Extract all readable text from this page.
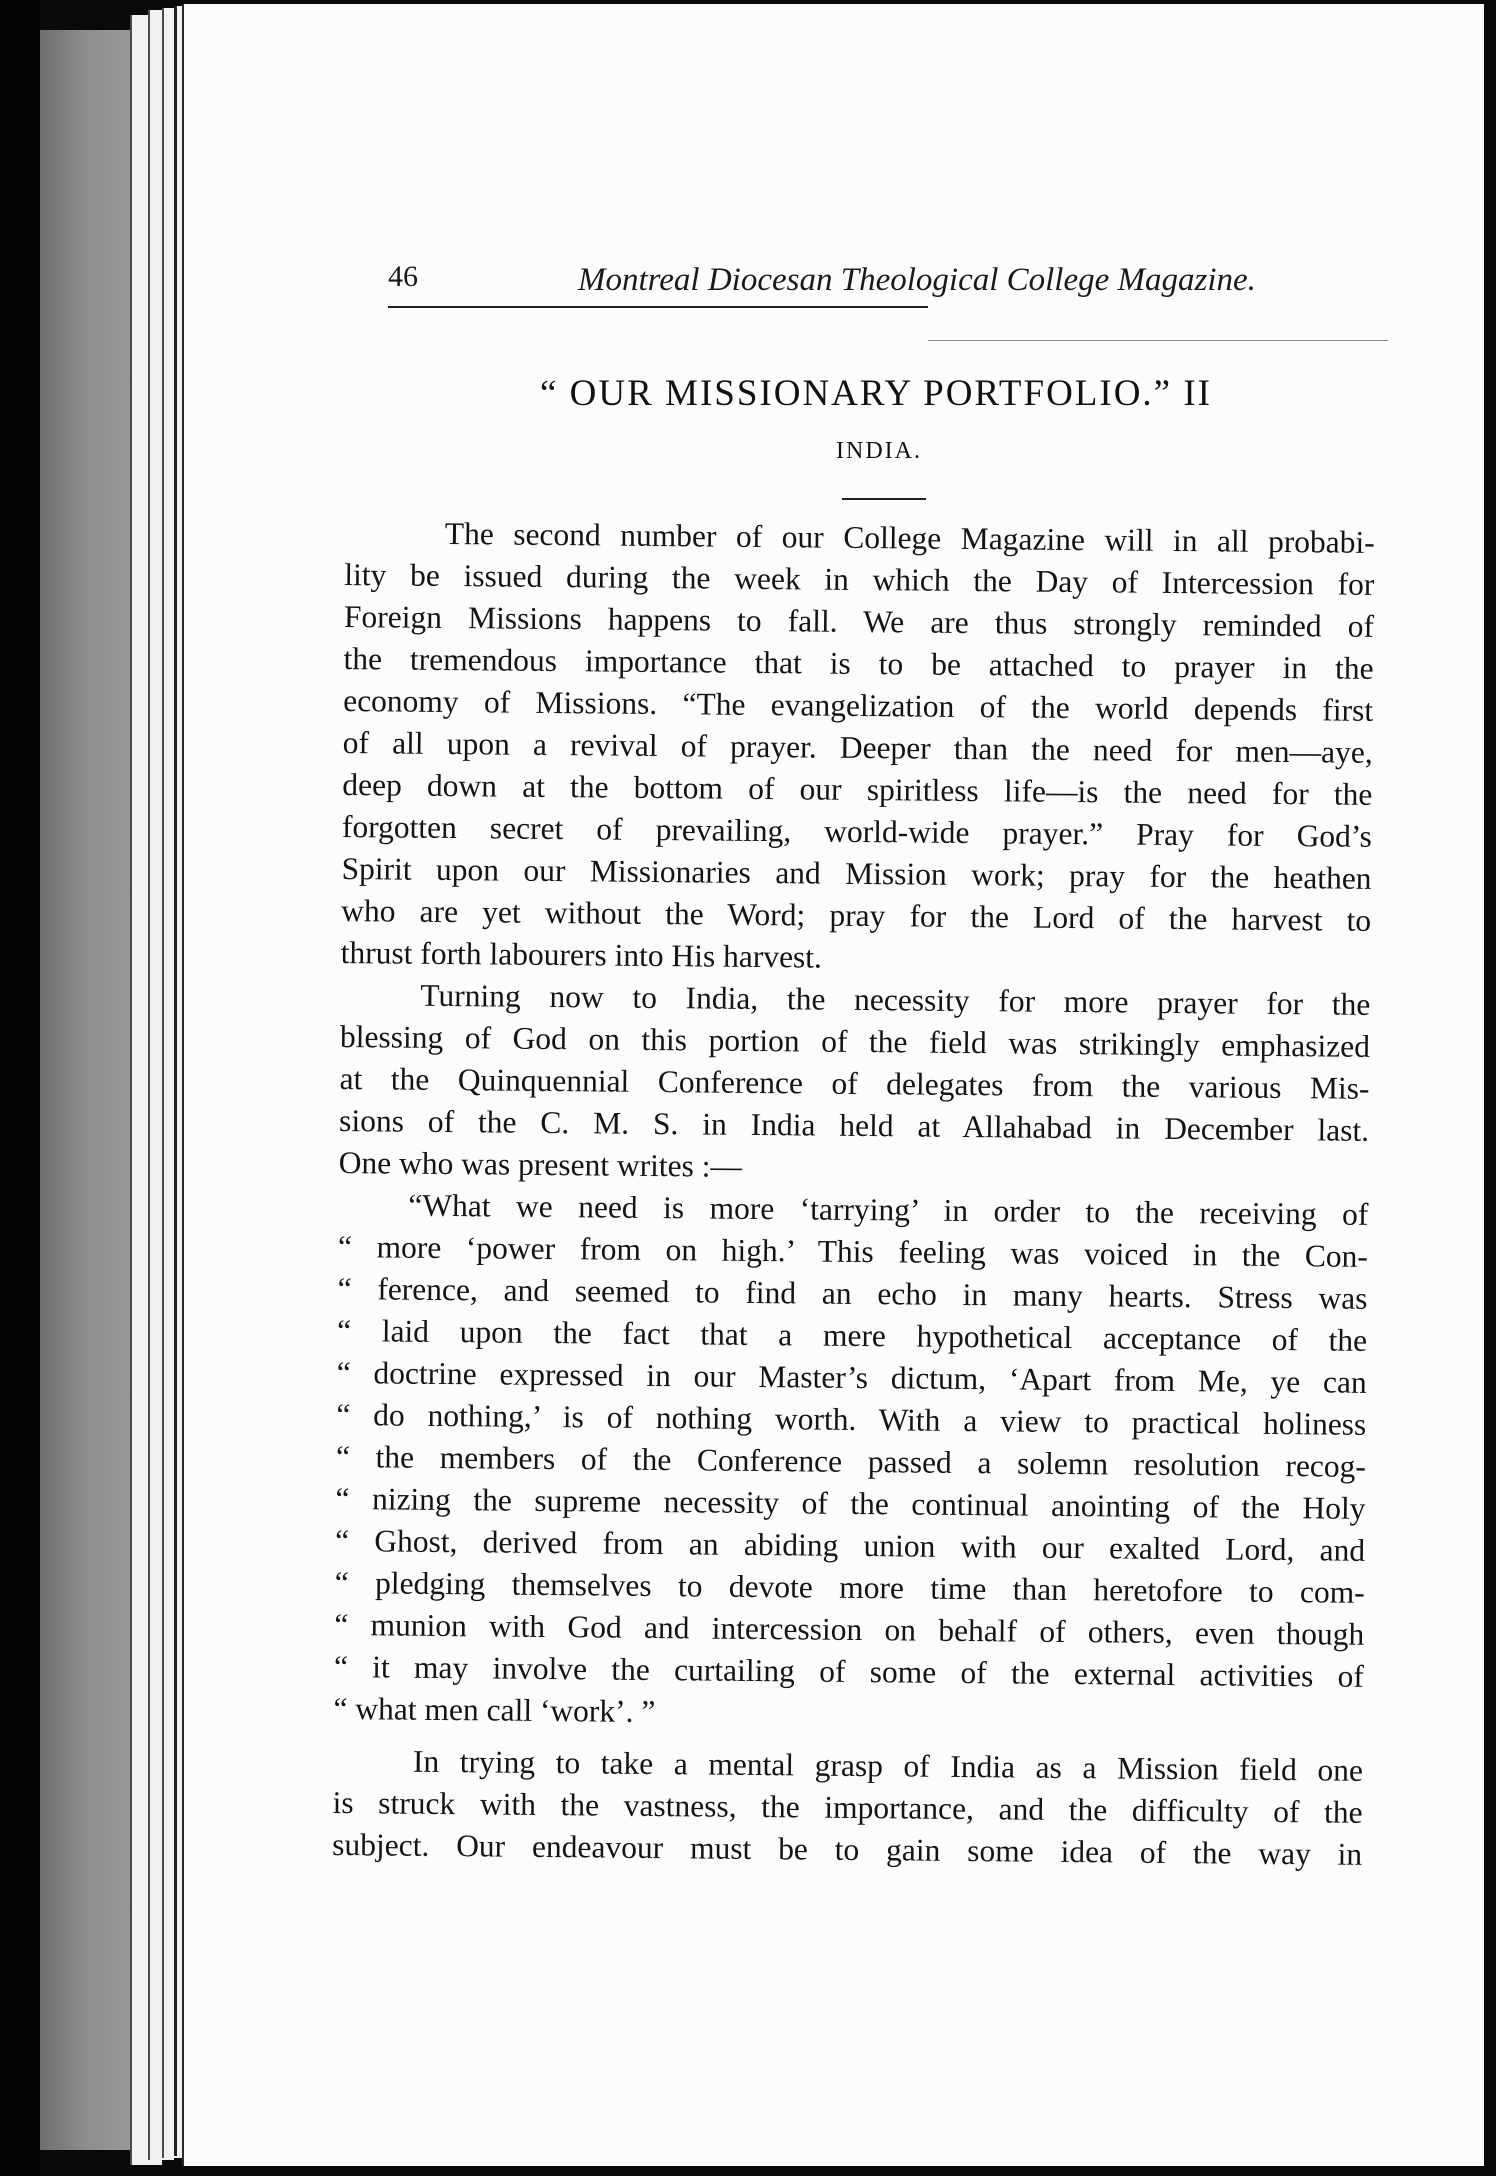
46	Montreal Diocesan Theological College Magazine.
“ OUR MISSIONARY PORTFOLIO.” II
INDIA.
The second number of our College Magazine will in all probabi-
lity be issued during the week in which the Day of Intercession for
Foreign Missions happens to fall. We are thus strongly reminded of
the tremendous importance that is to be attached to prayer in the
economy of Missions. “The evangelization of the world depends first
of all upon a revival of prayer. Deeper than the need for men—aye,
deep down at the bottom of our spiritless life—is the need for the
forgotten secret of prevailing, world-wide prayer.” Pray for God’s
Spirit upon our Missionaries and Mission work; pray for the heathen
who are yet without the Word; pray for the Lord of the harvest to
thrust forth labourers into His harvest.
Turning now to India, the necessity for more prayer for the
blessing of God on this portion of the field was strikingly emphasized
at the Quinquennial Conference of delegates from the various Mis-
sions of the C. M. S. in India held at Allahabad in December last.
One who was present writes :—
“What we need is more ‘tarrying’ in order to the receiving of
“ more ‘power from on high.’ This feeling was voiced in the Con-
“ ference, and seemed to find an echo in many hearts. Stress was
“ laid upon the fact that a mere hypothetical acceptance of the
“ doctrine expressed in our Master’s dictum, ‘Apart from Me, ye can
“ do nothing,’ is of nothing worth. With a view to practical holiness
“ the members of the Conference passed a solemn resolution recog-
“ nizing the supreme necessity of the continual anointing of the Holy
“ Ghost, derived from an abiding union with our exalted Lord, and
“ pledging themselves to devote more time than heretofore to com-
“ munion with God and intercession on behalf of others, even though
“ it may involve the curtailing of some of the external activities of
“ what men call ‘work’. ”
In trying to take a mental grasp of India as a Mission field one
is struck with the vastness, the importance, and the difficulty of the
subject. Our endeavour must be to gain some idea of the way in
